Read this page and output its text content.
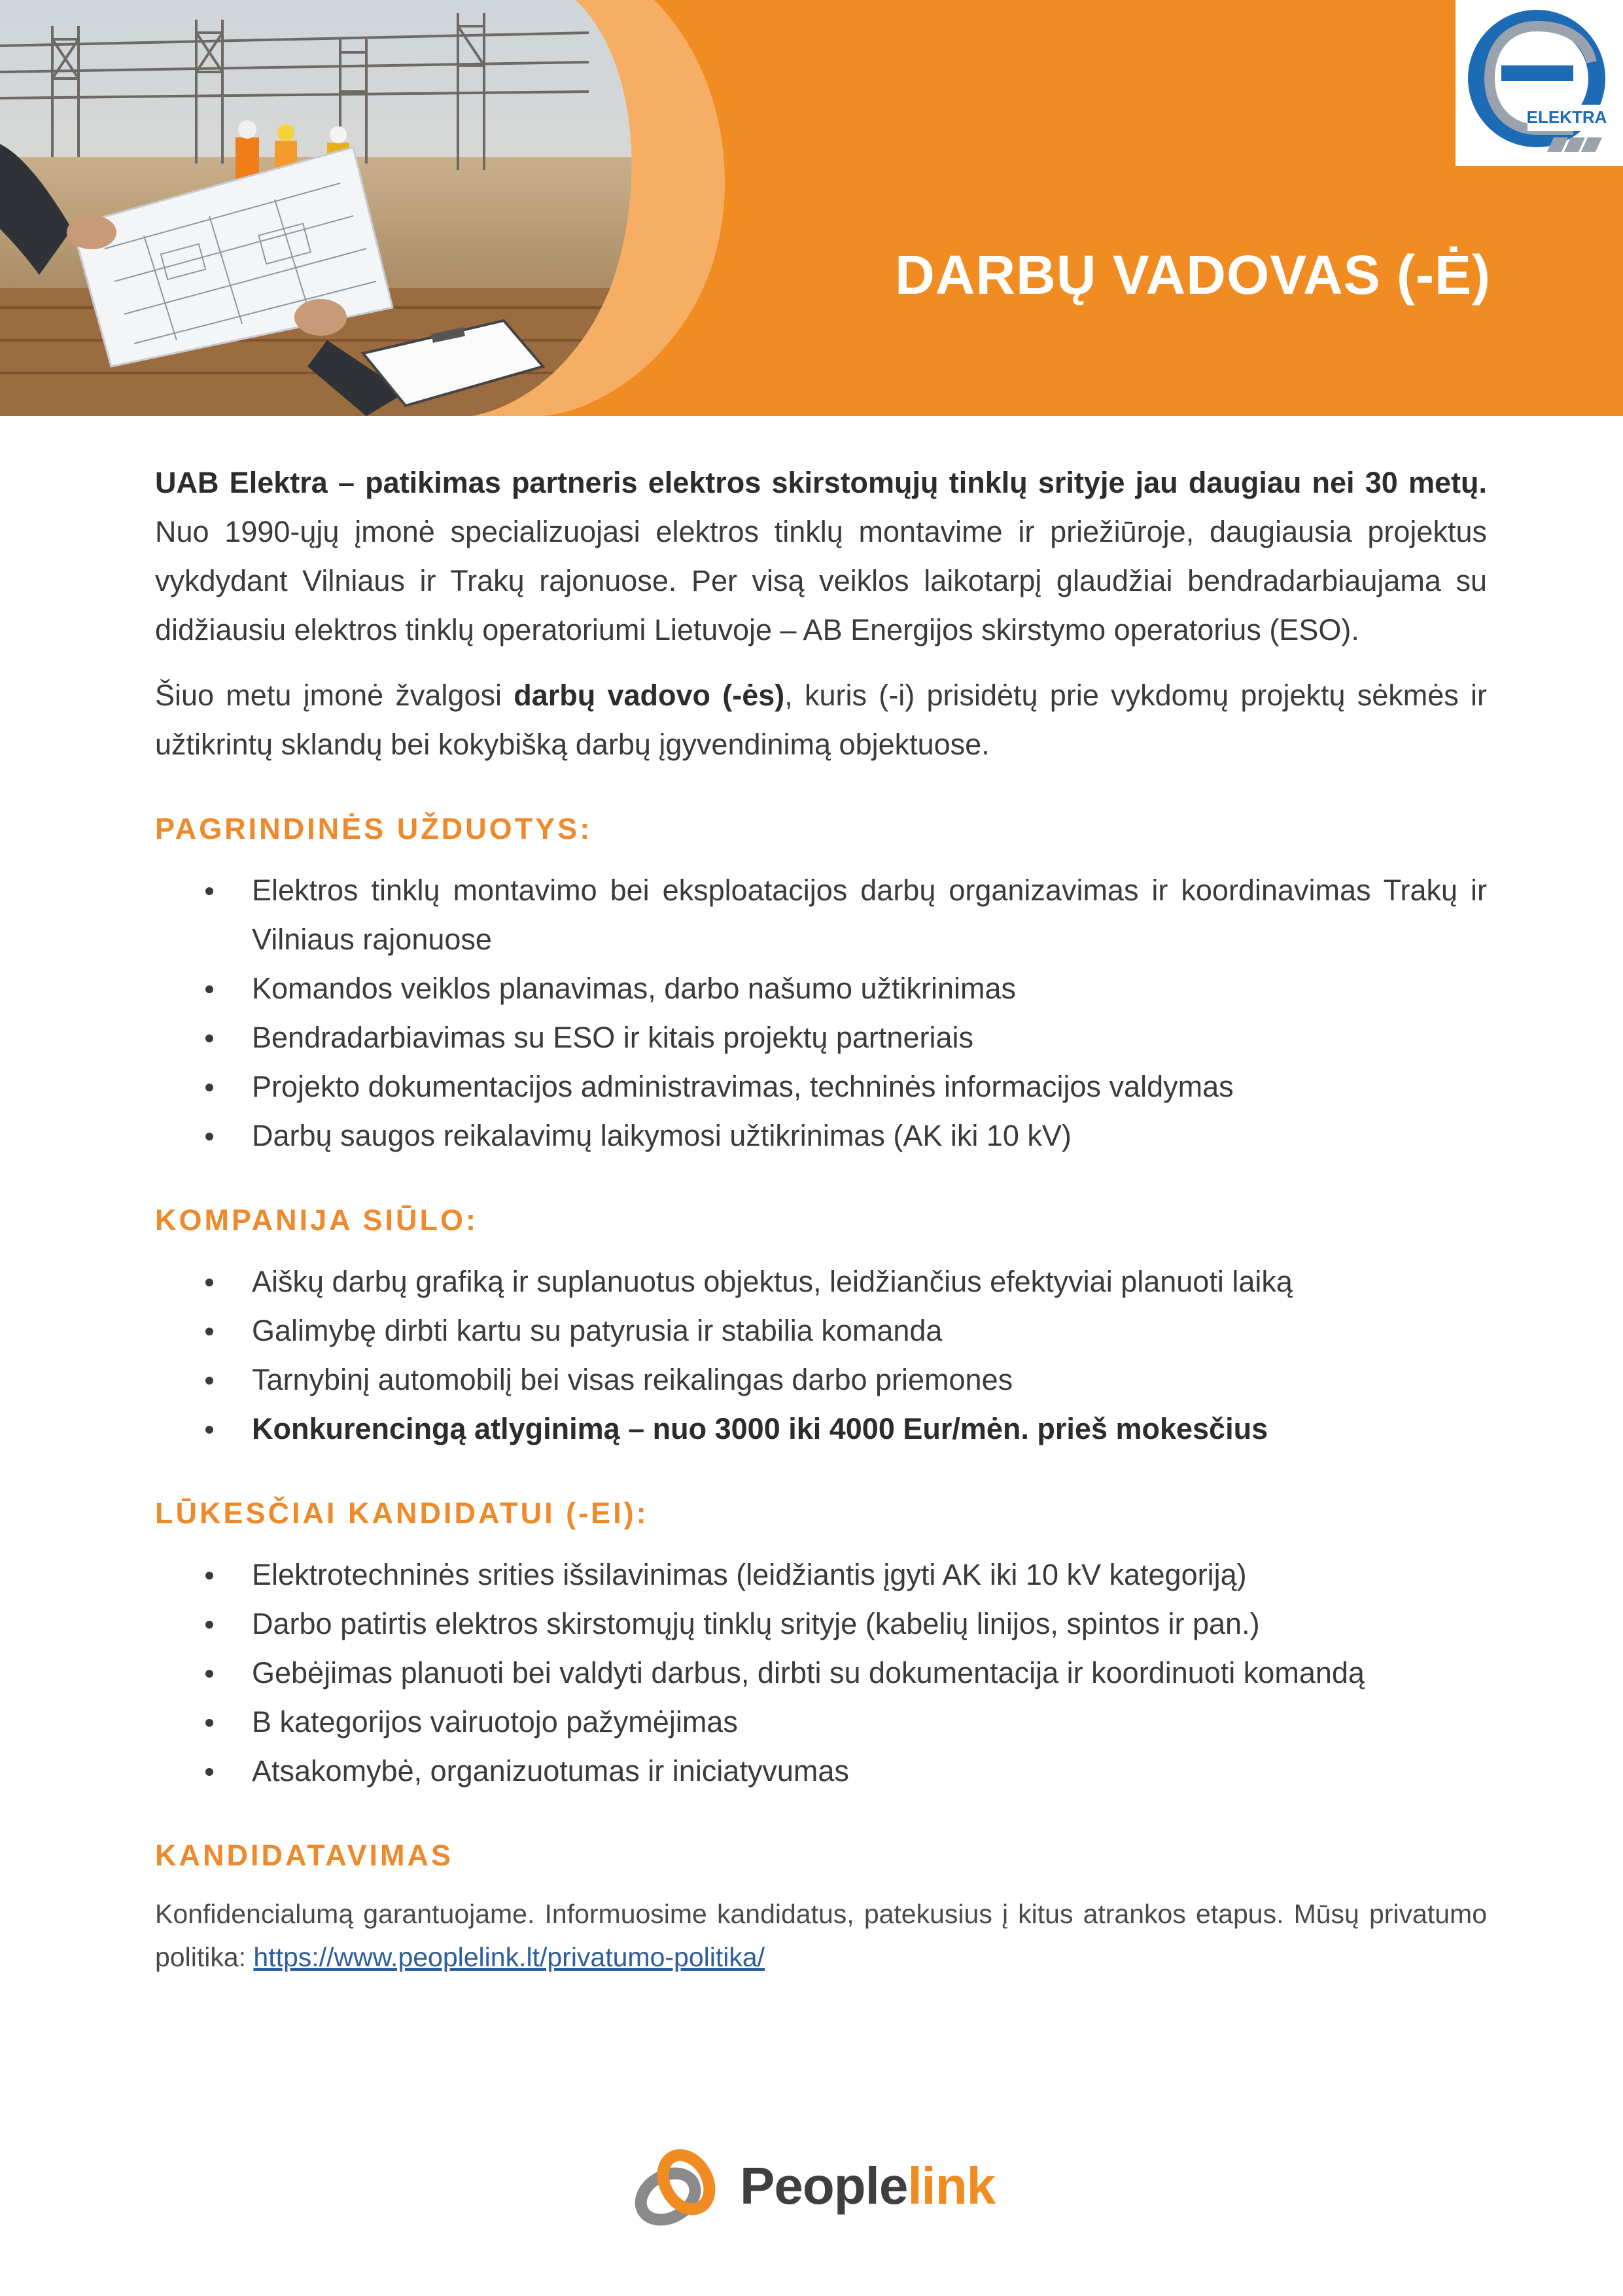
DARBŲ VADOVAS (-Ė)
ELEKTRA

UAB Elektra – patikimas partneris elektros skirstomųjų tinklų srityje jau daugiau nei 30 metų. Nuo 1990-ųjų įmonė specializuojasi elektros tinklų montavime ir priežiūroje, daugiausia projektus vykdydant Vilniaus ir Trakų rajonuose. Per visą veiklos laikotarpį glaudžiai bendradarbiaujama su didžiausiu elektros tinklų operatoriumi Lietuvoje – AB Energijos skirstymo operatorius (ESO).

Šiuo metu įmonė žvalgosi darbų vadovo (-ės), kuris (-i) prisidėtų prie vykdomų projektų sėkmės ir užtikrintų sklandų bei kokybišką darbų įgyvendinimą objektuose.

PAGRINDINĖS UŽDUOTYS:
Elektros tinklų montavimo bei eksploatacijos darbų organizavimas ir koordinavimas Trakų ir Vilniaus rajonuose
Komandos veiklos planavimas, darbo našumo užtikrinimas
Bendradarbiavimas su ESO ir kitais projektų partneriais
Projekto dokumentacijos administravimas, techninės informacijos valdymas
Darbų saugos reikalavimų laikymosi užtikrinimas (AK iki 10 kV)
KOMPANIJA SIŪLO:
Aiškų darbų grafiką ir suplanuotus objektus, leidžiančius efektyviai planuoti laiką
Galimybę dirbti kartu su patyrusia ir stabilia komanda
Tarnybinį automobilį bei visas reikalingas darbo priemones
Konkurencingą atlyginimą – nuo 3000 iki 4000 Eur/mėn. prieš mokesčius
LŪKESČIAI KANDIDATUI (-EI):
Elektrotechninės srities išsilavinimas (leidžiantis įgyti AK iki 10 kV kategoriją)
Darbo patirtis elektros skirstomųjų tinklų srityje (kabelių linijos, spintos ir pan.)
Gebėjimas planuoti bei valdyti darbus, dirbti su dokumentacija ir koordinuoti komandą
B kategorijos vairuotojo pažymėjimas
Atsakomybė, organizuotumas ir iniciatyvumas
KANDIDATAVIMAS

Konfidencialumą garantuojame. Informuosime kandidatus, patekusius į kitus atrankos etapus. Mūsų privatumo politika: https://www.peoplelink.lt/privatumo-politika/

Peoplelink
